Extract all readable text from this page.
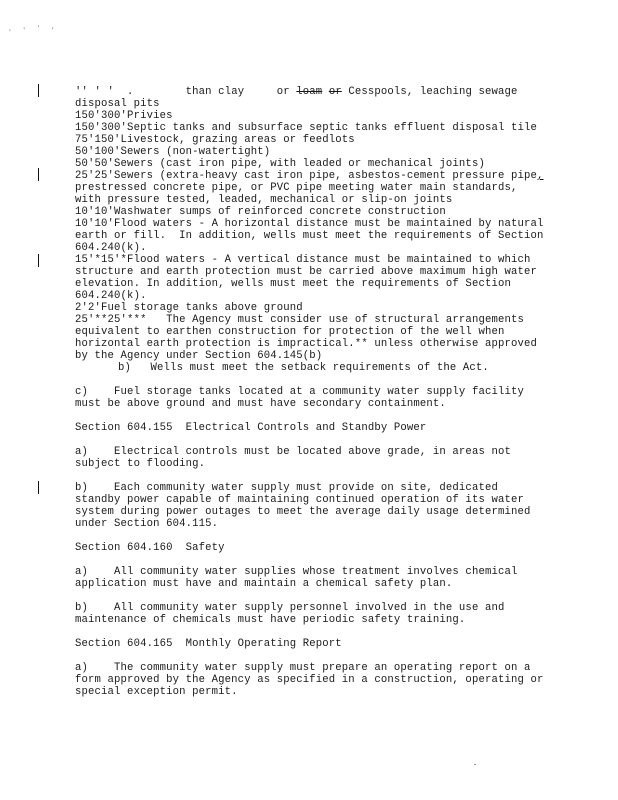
' ' ' ,
'' ' '  .        than clay     or loam or Cesspools, leaching sewage
disposal pits
150'300'Privies
150'300'Septic tanks and subsurface septic tanks effluent disposal tile
75'150'Livestock, grazing areas or feedlots
50'100'Sewers (non-watertight)
50'50'Sewers (cast iron pipe, with leaded or mechanical joints)
25'25'Sewers (extra-heavy cast iron pipe, asbestos-cement pressure pipe,
prestressed concrete pipe, or PVC pipe meeting water main standards,
with pressure tested, leaded, mechanical or slip-on joints
10'10'Washwater sumps of reinforced concrete construction
10'10'Flood waters - A horizontal distance must be maintained by natural
earth or fill.  In addition, wells must meet the requirements of Section
604.240(k).
15'*15'*Flood waters - A vertical distance must be maintained to which
structure and earth protection must be carried above maximum high water
elevation. In addition, wells must meet the requirements of Section
604.240(k).
2'2'Fuel storage tanks above ground
25'**25'***   The Agency must consider use of structural arrangements
equivalent to earthen construction for protection of the well when
horizontal earth protection is impractical.** unless otherwise approved
by the Agency under Section 604.145(b)
b)   Wells must meet the setback requirements of the Act.
c)    Fuel storage tanks located at a community water supply facility
must be above ground and must have secondary containment.
Section 604.155  Electrical Controls and Standby Power
a)    Electrical controls must be located above grade, in areas not
subject to flooding.
b)    Each community water supply must provide on site, dedicated
standby power capable of maintaining continued operation of its water
system during power outages to meet the average daily usage determined
under Section 604.115.
Section 604.160  Safety
a)    All community water supplies whose treatment involves chemical
application must have and maintain a chemical safety plan.
b)    All community water supply personnel involved in the use and
maintenance of chemicals must have periodic safety training.
Section 604.165  Monthly Operating Report
a)    The community water supply must prepare an operating report on a
form approved by the Agency as specified in a construction, operating or
special exception permit.
